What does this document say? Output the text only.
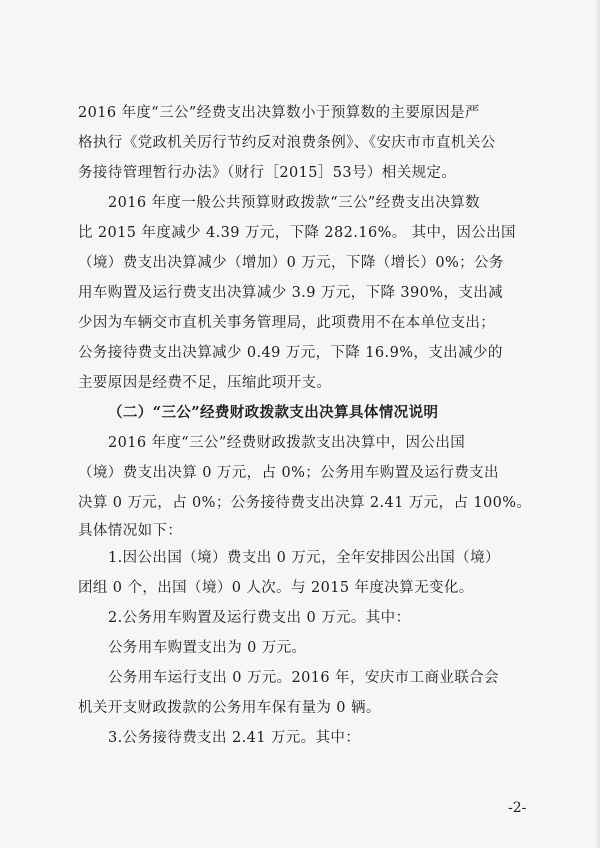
2016 年度“三公”经费支出决算数小于预算数的主要原因是严
格执行《党政机关厉行节约反对浪费条例》、《安庆市市直机关公
务接待管理暂行办法》（财行［2015］53号）相关规定。
2016 年度一般公共预算财政拨款“三公”经费支出决算数
比 2015 年度减少 4.39 万元，下降 282.16%。 其中，因公出国
（境）费支出决算减少（增加）0 万元，下降（增长）0%；公务
用车购置及运行费支出决算减少 3.9 万元，下降 390%，支出减
少因为车辆交市直机关事务管理局，此项费用不在本单位支出；
公务接待费支出决算减少 0.49 万元，下降 16.9%，支出减少的
主要原因是经费不足，压缩此项开支。
（二）“三公”经费财政拨款支出决算具体情况说明
2016 年度“三公”经费财政拨款支出决算中，因公出国
（境）费支出决算 0 万元，占 0%；公务用车购置及运行费支出
决算 0 万元，占 0%；公务接待费支出决算 2.41 万元，占 100%。
具体情况如下：
1.因公出国（境）费支出 0 万元，全年安排因公出国（境）
团组 0 个，出国（境）0 人次。与 2015 年度决算无变化。
2.公务用车购置及运行费支出 0 万元。其中：
公务用车购置支出为 0 万元。
公务用车运行支出 0 万元。2016 年，安庆市工商业联合会
机关开支财政拨款的公务用车保有量为 0 辆。
3.公务接待费支出 2.41 万元。其中：
-2-
